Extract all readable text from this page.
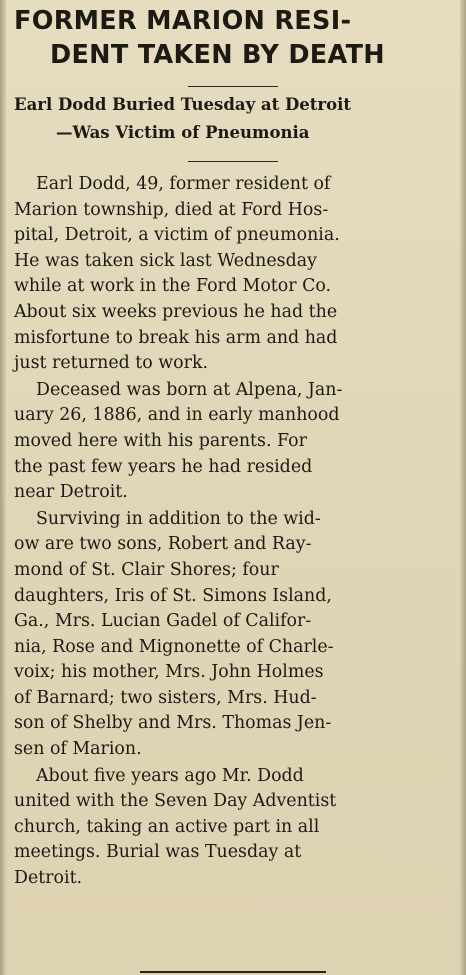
FORMER MARION RESI-
DENT TAKEN BY DEATH
Earl Dodd Buried Tuesday at Detroit
—Was Victim of Pneumonia

Earl Dodd, 49, former resident of
Marion township, died at Ford Hos-
pital, Detroit, a victim of pneumonia.
He was taken sick last Wednesday
while at work in the Ford Motor Co.
About six weeks previous he had the
misfortune to break his arm and had
just returned to work.

Deceased was born at Alpena, Jan-
uary 26, 1886, and in early manhood
moved here with his parents. For
the past few years he had resided
near Detroit.

Surviving in addition to the wid-
ow are two sons, Robert and Ray-
mond of St. Clair Shores; four
daughters, Iris of St. Simons Island,
Ga., Mrs. Lucian Gadel of Califor-
nia, Rose and Mignonette of Charle-
voix; his mother, Mrs. John Holmes
of Barnard; two sisters, Mrs. Hud-
son of Shelby and Mrs. Thomas Jen-
sen of Marion.

About five years ago Mr. Dodd
united with the Seven Day Adventist
church, taking an active part in all
meetings. Burial was Tuesday at
Detroit.
